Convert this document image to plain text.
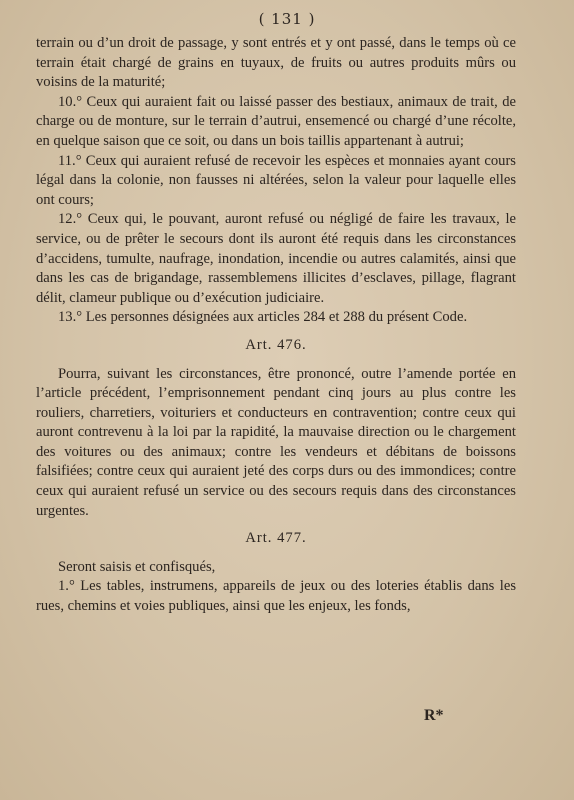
( 131 )

terrain ou d’un droit de passage, y sont entrés et y ont passé, dans le temps où ce terrain était chargé de grains en tuyaux, de fruits ou autres produits mûrs ou voisins de la maturité;

10.° Ceux qui auraient fait ou laissé passer des bestiaux, animaux de trait, de charge ou de monture, sur le terrain d’autrui, ensemencé ou chargé d’une récolte, en quelque saison que ce soit, ou dans un bois taillis appartenant à autrui;

11.° Ceux qui auraient refusé de recevoir les espèces et monnaies ayant cours légal dans la colonie, non fausses ni altérées, selon la valeur pour laquelle elles ont cours;

12.° Ceux qui, le pouvant, auront refusé ou négligé de faire les travaux, le service, ou de prêter le secours dont ils auront été requis dans les circonstances d’accidens, tumulte, naufrage, inondation, incendie ou autres calamités, ainsi que dans les cas de brigandage, rassemblemens illicites d’esclaves, pillage, flagrant délit, clameur publique ou d’exécution judiciaire.

13.° Les personnes désignées aux articles 284 et 288 du présent Code.

Art. 476.

Pourra, suivant les circonstances, être prononcé, outre l’amende portée en l’article précédent, l’emprisonnement pendant cinq jours au plus contre les rouliers, charretiers, voituriers et conducteurs en contravention; contre ceux qui auront contrevenu à la loi par la rapidité, la mauvaise direction ou le chargement des voitures ou des animaux; contre les vendeurs et débitans de boissons falsifiées; contre ceux qui auraient jeté des corps durs ou des immondices; contre ceux qui auraient refusé un service ou des secours requis dans des circonstances urgentes.

Art. 477.

Seront saisis et confisqués,

1.° Les tables, instrumens, appareils de jeux ou des loteries établis dans les rues, chemins et voies publiques, ainsi que les enjeux, les fonds,

R*
